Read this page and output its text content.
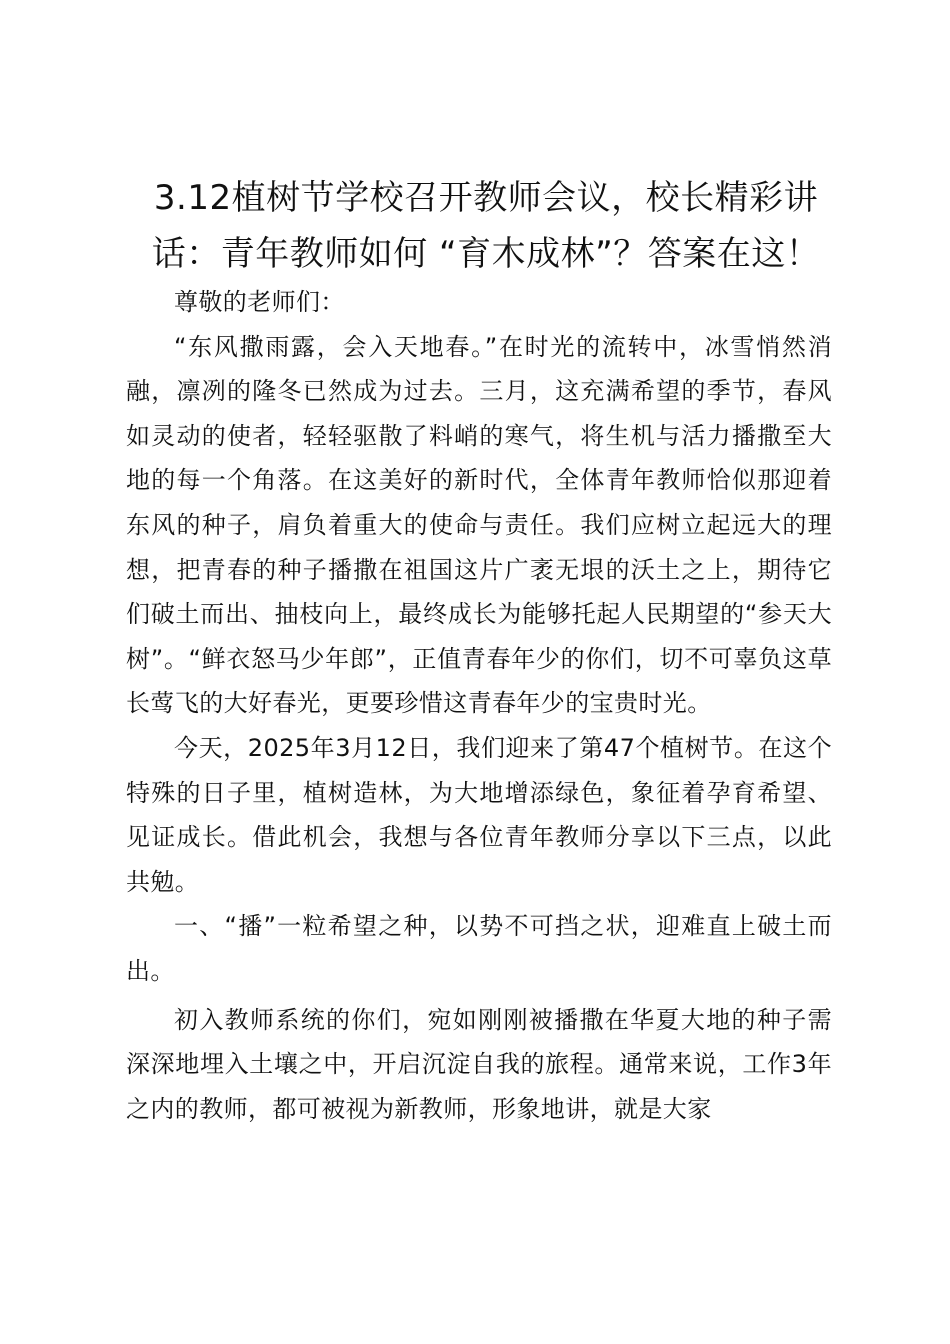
3.12植树节学校召开教师会议，校长精彩讲话：青年教师如何 “育木成林”？答案在这！

尊敬的老师们：

“东风撒雨露，会入天地春。”在时光的流转中，冰雪悄然消融，凛冽的隆冬已然成为过去。三月，这充满希望的季节，春风如灵动的使者，轻轻驱散了料峭的寒气，将生机与活力播撒至大地的每一个角落。在这美好的新时代，全体青年教师恰似那迎着东风的种子，肩负着重大的使命与责任。我们应树立起远大的理想，把青春的种子播撒在祖国这片广袤无垠的沃土之上，期待它们破土而出、抽枝向上，最终成长为能够托起人民期望的“参天大树”。“鲜衣怒马少年郎”，正值青春年少的你们，切不可辜负这草长莺飞的大好春光，更要珍惜这青春年少的宝贵时光。

今天，2025年3月12日，我们迎来了第47个植树节。在这个特殊的日子里，植树造林，为大地增添绿色，象征着孕育希望、见证成长。借此机会，我想与各位青年教师分享以下三点，以此共勉。

一、“播”一粒希望之种，以势不可挡之状，迎难直上破土而出。

初入教师系统的你们，宛如刚刚被播撒在华夏大地的种子需深深地埋入土壤之中，开启沉淀自我的旅程。通常来说，工作3年之内的教师，都可被视为新教师，形象地讲，就是大家
